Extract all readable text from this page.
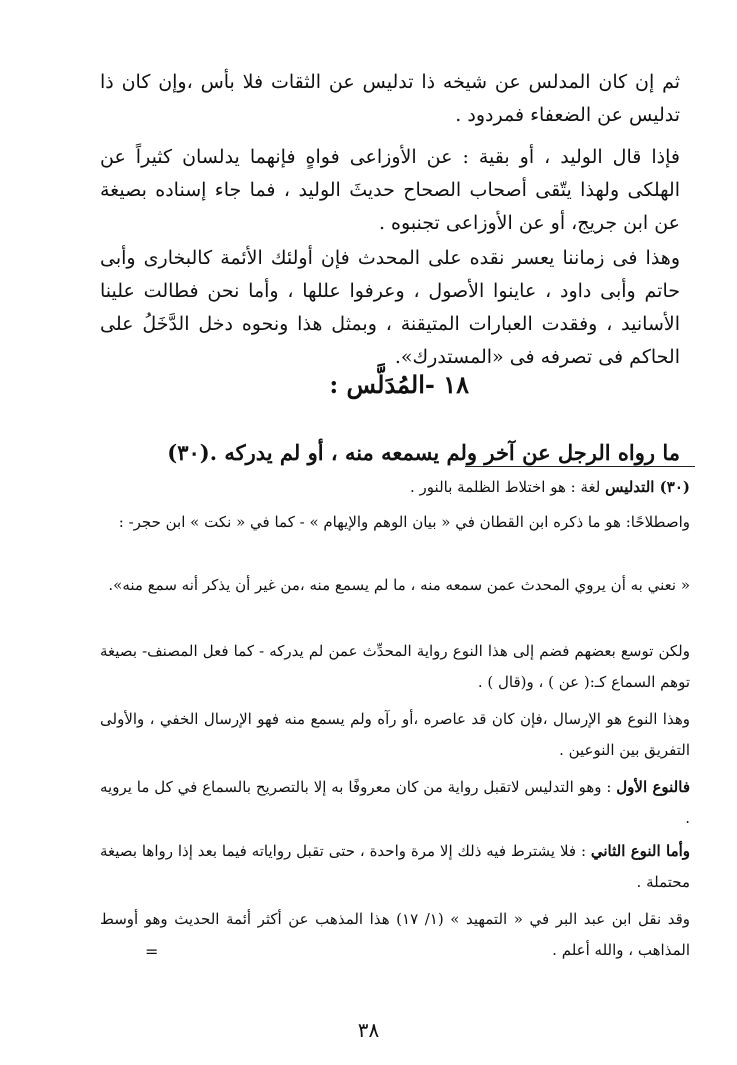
ثم إن كان المدلس عن شيخه ذا تدليس عن الثقات فلا بأس ،وإن كان ذا تدليس عن الضعفاء فمردود .
فإذا قال الوليد ، أو بقية : عن الأوزاعى فواهٍ فإنهما يدلسان كثيراً عن الهلكى ولهذا يتّقى أصحاب الصحاح حديثَ الوليد ، فما جاء إسناده بصيغة عن ابن جريج، أو عن الأوزاعى تجنبوه .
وهذا فى زماننا يعسر نقده على المحدث فإن أولئك الأئمة كالبخارى وأبى حاتم وأبى داود ، عاينوا الأصول ، وعرفوا عللها ، وأما نحن فطالت علينا الأسانيد ، وفقدت العبارات المتيقنة ، وبمثل هذا ونحوه دخل الدَّخَلُ على الحاكم فى تصرفه فى «المستدرك».
١٨ -المُدَلَّس :
ما رواه الرجل عن آخر ولم يسمعه منه ، أو لم يدركه .(٣٠)
(٣٠) التدليس لغة : هو اختلاط الظلمة بالنور .
واصطلاحًا: هو ما ذكره ابن القطان في « بيان الوهم والإيهام » - كما في « نكت » ابن حجر- :
« نعني به أن يروي المحدث عمن سمعه منه ، ما لم يسمع منه ،من غير أن يذكر أنه سمع منه».
ولكن توسع بعضهم فضم إلى هذا النوع رواية المحدِّث عمن لم يدركه - كما فعل المصنف- بصيغة توهم السماع كـ:( عن ) ، و(قال ) .
وهذا النوع هو الإرسال ،فإن كان قد عاصره ،أو رآه ولم يسمع منه فهو الإرسال الخفي ، والأولى التفريق بين النوعين .
فالنوع الأول : وهو التدليس لاتقبل رواية من كان معروفًا به إلا بالتصريح بالسماع في كل ما يرويه .
وأما النوع الثاني : فلا يشترط فيه ذلك إلا مرة واحدة ، حتى تقبل رواياته فيما بعد إذا رواها بصيغة محتملة .
وقد نقل ابن عبد البر في « التمهيد » (١/ ١٧) هذا المذهب عن أكثر أئمة الحديث وهو أوسط المذاهب ، والله أعلم .
=
٣٨
